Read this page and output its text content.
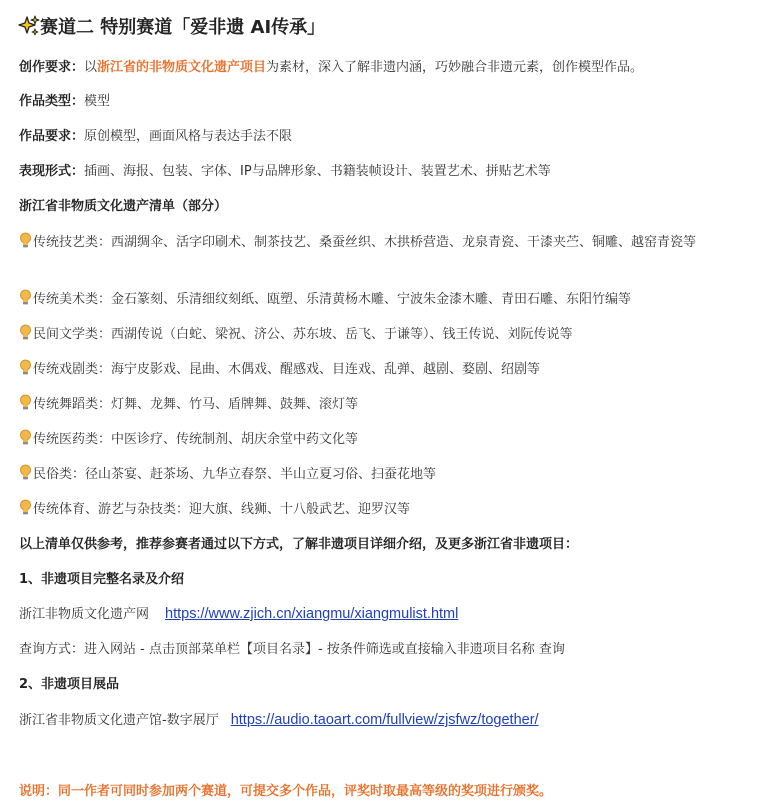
赛道二 特别赛道「爱非遗 AI传承」
创作要求：以浙江省的非物质文化遗产项目为素材，深入了解非遗内涵，巧妙融合非遗元素，创作模型作品。
作品类型：模型
作品要求：原创模型，画面风格与表达手法不限
表现形式：插画、海报、包装、字体、IP与品牌形象、书籍装帧设计、装置艺术、拼贴艺术等
浙江省非物质文化遗产清单（部分）
传统技艺类：西湖绸伞、活字印刷术、制茶技艺、桑蚕丝织、木拱桥营造、龙泉青瓷、干漆夹苎、铜雕、越窑青瓷等
传统美术类：金石篆刻、乐清细纹刻纸、瓯塑、乐清黄杨木雕、宁波朱金漆木雕、青田石雕、东阳竹编等
民间文学类：西湖传说（白蛇、梁祝、济公、苏东坡、岳飞、于谦等）、钱王传说、刘阮传说等
传统戏剧类：海宁皮影戏、昆曲、木偶戏、醒感戏、目连戏、乱弹、越剧、婺剧、绍剧等
传统舞蹈类：灯舞、龙舞、竹马、盾牌舞、鼓舞、滚灯等
传统医药类：中医诊疗、传统制剂、胡庆余堂中药文化等
民俗类：径山茶宴、赶茶场、九华立春祭、半山立夏习俗、扫蚕花地等
传统体育、游艺与杂技类：迎大旗、线狮、十八般武艺、迎罗汉等
以上清单仅供参考，推荐参赛者通过以下方式，了解非遗项目详细介绍，及更多浙江省非遗项目：
1、非遗项目完整名录及介绍
浙江非物质文化遗产网 https://www.zjich.cn/xiangmu/xiangmulist.html
查询方式：进入网站 - 点击顶部菜单栏【项目名录】- 按条件筛选或直接输入非遗项目名称 查询
2、非遗项目展品
浙江省非物质文化遗产馆-数字展厅 https://audio.taoart.com/fullview/zjsfwz/together/
说明：同一作者可同时参加两个赛道，可提交多个作品，评奖时取最高等级的奖项进行颁奖。
